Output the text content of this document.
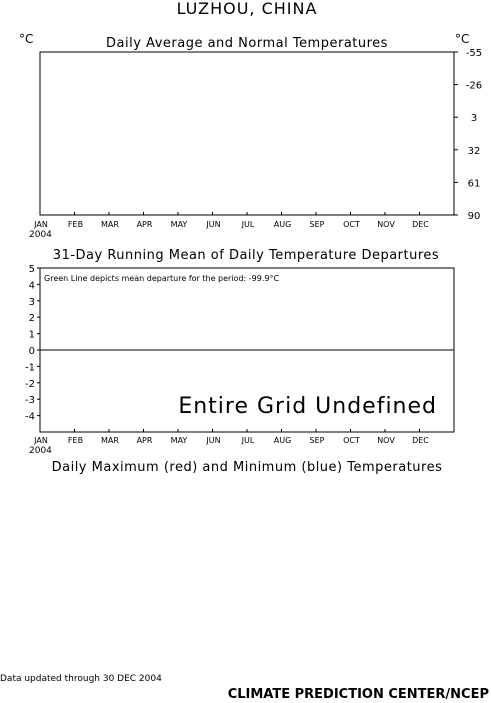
LUZHOU, CHINA
°C	°C
Daily Average and Normal Temperatures
-55
-26
3
32
61
90
JAN	FEB MAR APR MAY JUN	JUL AUG SEP OCT NOV DEC
2004
31-Day Running Mean of Daily Temperature Departures
Green Line depicts mean departure for the period: -99.9°C
5
4
3
2
1
0
-1
-2
-3
-4	Entire Grid Undefined
JAN	FEB MAR APR MAY JUN	JUL AUG SEP OCT NOV DEC
2004
Daily Maximum (red) and Minimum (blue) Temperatures
Data updated through 30 DEC 2004
CLIMATE PREDICTION CENTER/NCEP
